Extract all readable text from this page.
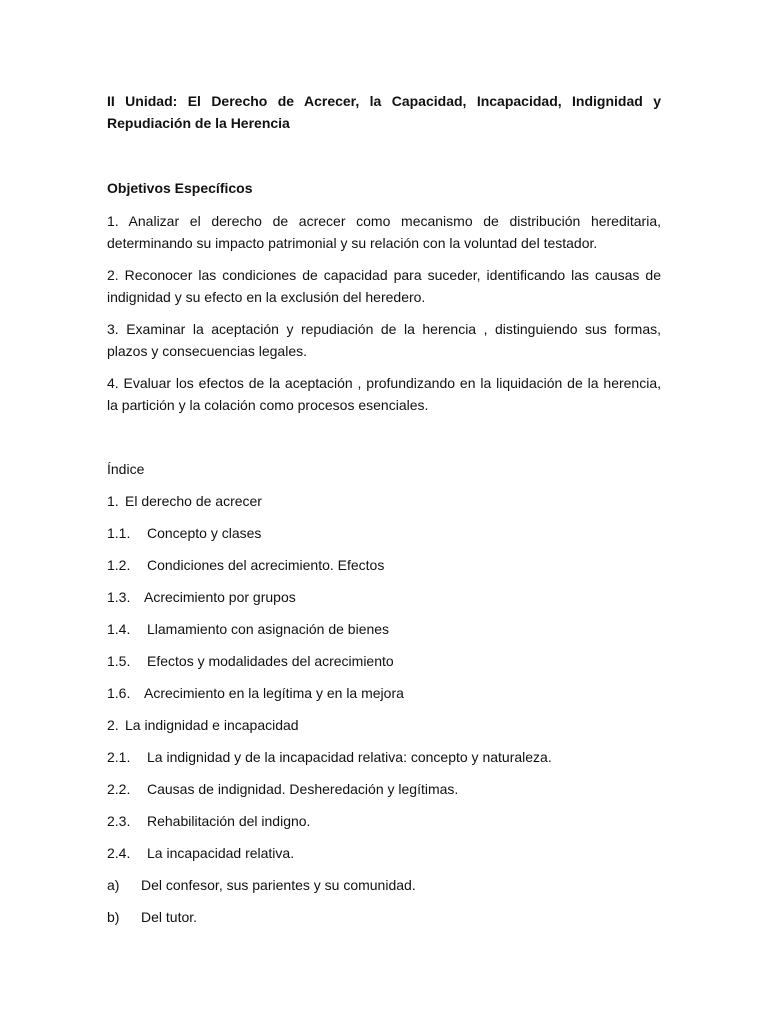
II Unidad: El Derecho de Acrecer, la Capacidad, Incapacidad, Indignidad y Repudiación de la Herencia

Objetivos Específicos

1. Analizar el derecho de acrecer como mecanismo de distribución hereditaria, determinando su impacto patrimonial y su relación con la voluntad del testador.

2. Reconocer las condiciones de capacidad para suceder, identificando las causas de indignidad y su efecto en la exclusión del heredero.

3. Examinar la aceptación y repudiación de la herencia , distinguiendo sus formas, plazos y consecuencias legales.

4. Evaluar los efectos de la aceptación , profundizando en la liquidación de la herencia, la partición y la colación como procesos esenciales.

Índice

1. El derecho de acrecer
1.1.	Concepto y clases
1.2.	Condiciones del acrecimiento. Efectos
1.3. Acrecimiento por grupos
1.4.	Llamamiento con asignación de bienes
1.5.	Efectos y modalidades del acrecimiento
1.6. Acrecimiento en la legítima y en la mejora
2. La indignidad e incapacidad
2.1.	La indignidad y de la incapacidad relativa: concepto y naturaleza.
2.2.	Causas de indignidad. Desheredación y legítimas.
2.3.	Rehabilitación del indigno.
2.4.	La incapacidad relativa.
a)	Del confesor, sus parientes y su comunidad.
b)	Del tutor.
